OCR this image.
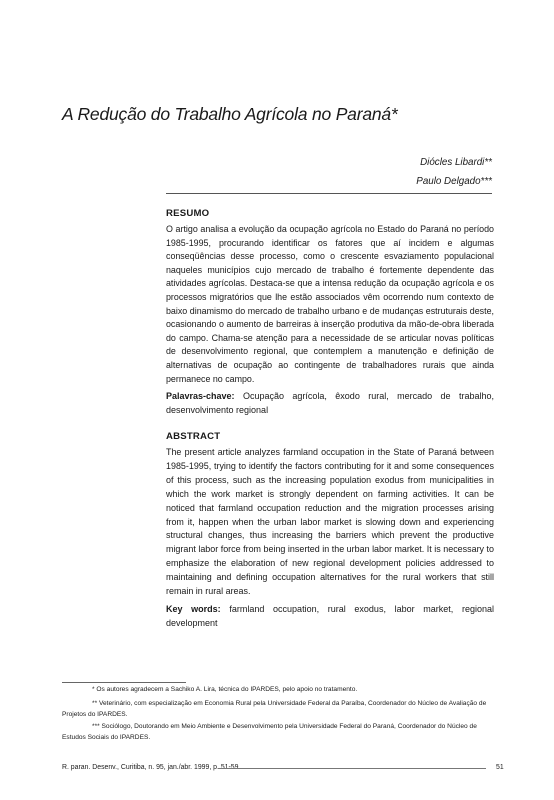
A Redução do Trabalho Agrícola no Paraná*
Diócles Libardi**
Paulo Delgado***
RESUMO
O artigo analisa a evolução da ocupação agrícola no Estado do Paraná no período 1985-1995, procurando identificar os fatores que aí incidem e algumas conseqüências desse processo, como o crescente esvaziamento populacional naqueles municípios cujo mercado de trabalho é fortemente dependente das atividades agrícolas. Destaca-se que a intensa redução da ocupação agrícola e os processos migratórios que lhe estão associados vêm ocorrendo num contexto de baixo dinamismo do mercado de trabalho urbano e de mudanças estruturais deste, ocasionando o aumento de barreiras à inserção produtiva da mão-de-obra liberada do campo. Chama-se atenção para a necessidade de se articular novas políticas de desenvolvimento regional, que contemplem a manutenção e definição de alternativas de ocupação ao contingente de trabalhadores rurais que ainda permanece no campo.
Palavras-chave: Ocupação agrícola, êxodo rural, mercado de trabalho, desenvolvimento regional
ABSTRACT
The present article analyzes farmland occupation in the State of Paraná between 1985-1995, trying to identify the factors contributing for it and some consequences of this process, such as the increasing population exodus from municipalities in which the work market is strongly dependent on farming activities. It can be noticed that farmland occupation reduction and the migration processes arising from it, happen when the urban labor market is slowing down and experiencing structural changes, thus increasing the barriers which prevent the productive migrant labor force from being inserted in the urban labor market. It is necessary to emphasize the elaboration of new regional development policies addressed to maintaining and defining occupation alternatives for the rural workers that still remain in rural areas.
Key words: farmland occupation, rural exodus, labor market, regional development
* Os autores agradecem a Sachiko A. Lira, técnica do IPARDES, pelo apoio no tratamento.
** Veterinário, com especialização em Economia Rural pela Universidade Federal da Paraíba, Coordenador do Núcleo de Avaliação de Projetos do IPARDES.
*** Sociólogo, Doutorando em Meio Ambiente e Desenvolvimento pela Universidade Federal do Paraná, Coordenador do Núcleo de Estudos Sociais do IPARDES.
R. paran. Desenv., Curitiba, n. 95, jan./abr. 1999, p. 51-59	51
